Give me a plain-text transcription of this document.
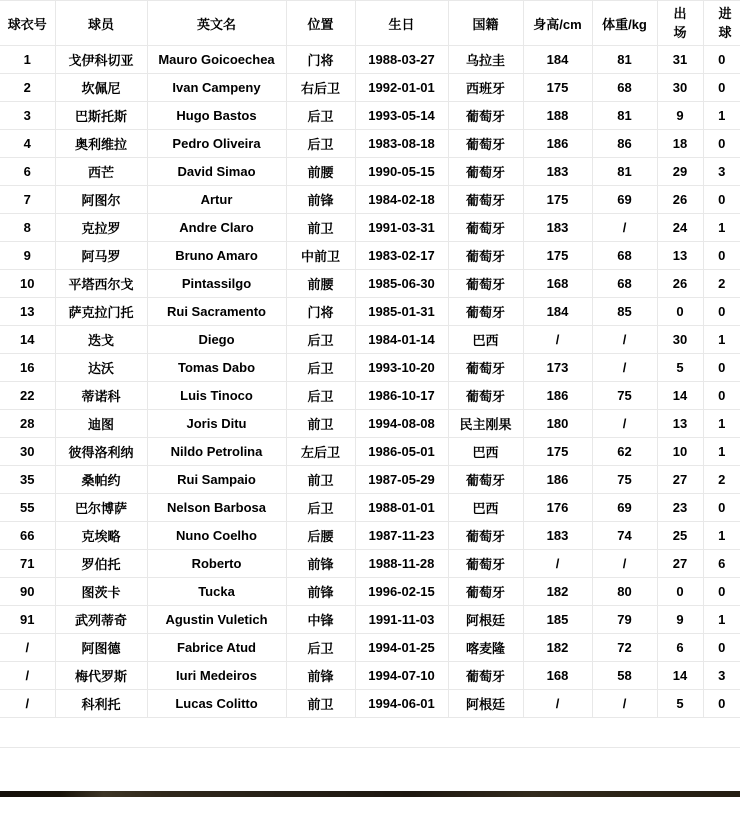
球衣号	球员	英文名	位置	生日	国籍	身高/cm	体重/kg	出场	进球
1	戈伊科切亚	Mauro Goicoechea	门将	1988-03-27	乌拉圭	184	81	31	0
2	坎佩尼	Ivan Campeny	右后卫	1992-01-01	西班牙	175	68	30	0
3	巴斯托斯	Hugo Bastos	后卫	1993-05-14	葡萄牙	188	81	9	1
4	奥利维拉	Pedro Oliveira	后卫	1983-08-18	葡萄牙	186	86	18	0
6	西芒	David Simao	前腰	1990-05-15	葡萄牙	183	81	29	3
7	阿图尔	Artur	前锋	1984-02-18	葡萄牙	175	69	26	0
8	克拉罗	Andre Claro	前卫	1991-03-31	葡萄牙	183	/	24	1
9	阿马罗	Bruno Amaro	中前卫	1983-02-17	葡萄牙	175	68	13	0
10	平塔西尔戈	Pintassilgo	前腰	1985-06-30	葡萄牙	168	68	26	2
13	萨克拉门托	Rui Sacramento	门将	1985-01-31	葡萄牙	184	85	0	0
14	迭戈	Diego	后卫	1984-01-14	巴西	/	/	30	1
16	达沃	Tomas Dabo	后卫	1993-10-20	葡萄牙	173	/	5	0
22	蒂诺科	Luis Tinoco	后卫	1986-10-17	葡萄牙	186	75	14	0
28	迪图	Joris Ditu	前卫	1994-08-08	民主刚果	180	/	13	1
30	彼得洛利纳	Nildo Petrolina	左后卫	1986-05-01	巴西	175	62	10	1
35	桑帕约	Rui Sampaio	前卫	1987-05-29	葡萄牙	186	75	27	2
55	巴尔博萨	Nelson Barbosa	后卫	1988-01-01	巴西	176	69	23	0
66	克埃略	Nuno Coelho	后腰	1987-11-23	葡萄牙	183	74	25	1
71	罗伯托	Roberto	前锋	1988-11-28	葡萄牙	/	/	27	6
90	图茨卡	Tucka	前锋	1996-02-15	葡萄牙	182	80	0	0
91	武列蒂奇	Agustin Vuletich	中锋	1991-11-03	阿根廷	185	79	9	1
/	阿图德	Fabrice Atud	后卫	1994-01-25	喀麦隆	182	72	6	0
/	梅代罗斯	Iuri Medeiros	前锋	1994-07-10	葡萄牙	168	58	14	3
/	科利托	Lucas Colitto	前卫	1994-06-01	阿根廷	/	/	5	0
